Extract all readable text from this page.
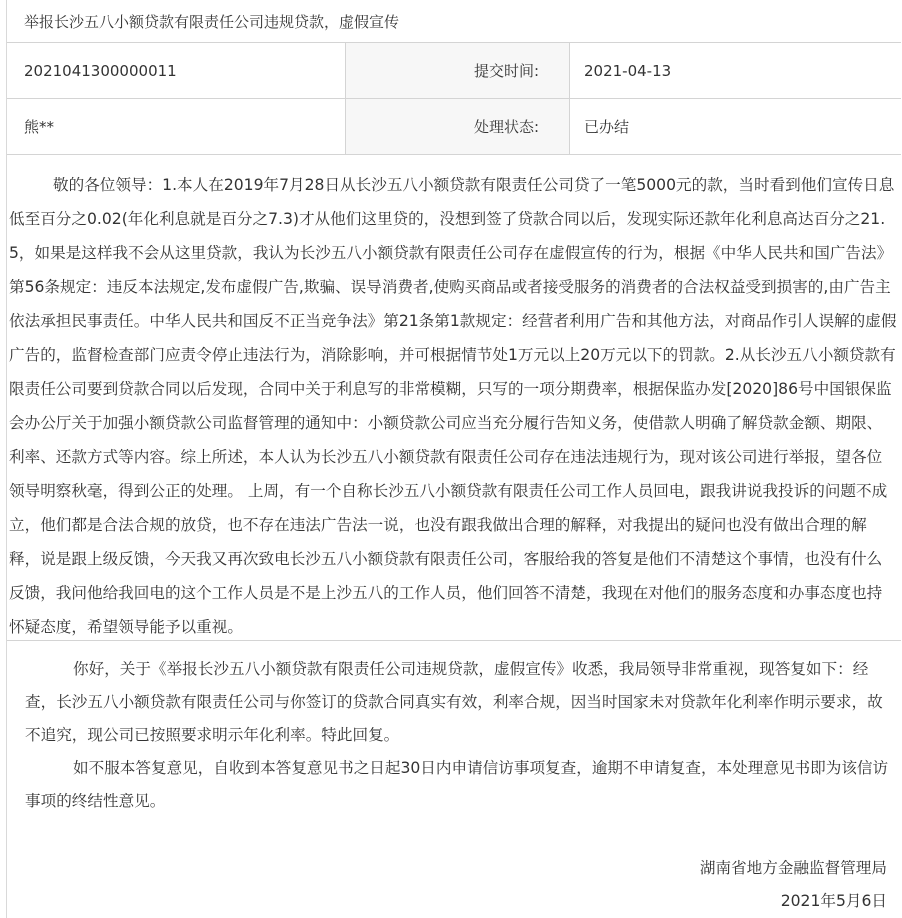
举报长沙五八小额贷款有限责任公司违规贷款，虚假宣传
2021041300000011	提交时间:	2021-04-13
熊**	处理状态:	已办结

敬的各位领导：1.本人在2019年7月28日从长沙五八小额贷款有限责任公司贷了一笔5000元的款，当时看到他们宣传日息低至百分之0.02(年化利息就是百分之7.3)才从他们这里贷的，没想到签了贷款合同以后，发现实际还款年化利息高达百分之21.5，如果是这样我不会从这里贷款，我认为长沙五八小额贷款有限责任公司存在虚假宣传的行为，根据《中华人民共和国广告法》第56条规定：违反本法规定,发布虚假广告,欺骗、误导消费者,使购买商品或者接受服务的消费者的合法权益受到损害的,由广告主依法承担民事责任。中华人民共和国反不正当竞争法》第21条第1款规定：经营者利用广告和其他方法，对商品作引人误解的虚假广告的，监督检查部门应责令停止违法行为，消除影响，并可根据情节处1万元以上20万元以下的罚款。2.从长沙五八小额贷款有限责任公司要到贷款合同以后发现，合同中关于利息写的非常模糊，只写的一项分期费率，根据保监办发[2020]86号中国银保监会办公厅关于加强小额贷款公司监督管理的通知中：小额贷款公司应当充分履行告知义务，使借款人明确了解贷款金额、期限、利率、还款方式等内容。综上所述，本人认为长沙五八小额贷款有限责任公司存在违法违规行为，现对该公司进行举报，望各位领导明察秋毫，得到公正的处理。 上周，有一个自称长沙五八小额贷款有限责任公司工作人员回电，跟我讲说我投诉的问题不成立，他们都是合法合规的放贷，也不存在违法广告法一说，也没有跟我做出合理的解释，对我提出的疑问也没有做出合理的解释，说是跟上级反馈，今天我又再次致电长沙五八小额贷款有限责任公司，客服给我的答复是他们不清楚这个事情，也没有什么反馈，我问他给我回电的这个工作人员是不是上沙五八的工作人员，他们回答不清楚，我现在对他们的服务态度和办事态度也持怀疑态度，希望领导能予以重视。

你好，关于《举报长沙五八小额贷款有限责任公司违规贷款，虚假宣传》收悉，我局领导非常重视，现答复如下：经查，长沙五八小额贷款有限责任公司与你签订的贷款合同真实有效，利率合规，因当时国家未对贷款年化利率作明示要求，故不追究，现公司已按照要求明示年化利率。特此回复。

如不服本答复意见，自收到本答复意见书之日起30日内申请信访事项复查，逾期不申请复查，本处理意见书即为该信访事项的终结性意见。

湖南省地方金融监督管理局
2021年5月6日
